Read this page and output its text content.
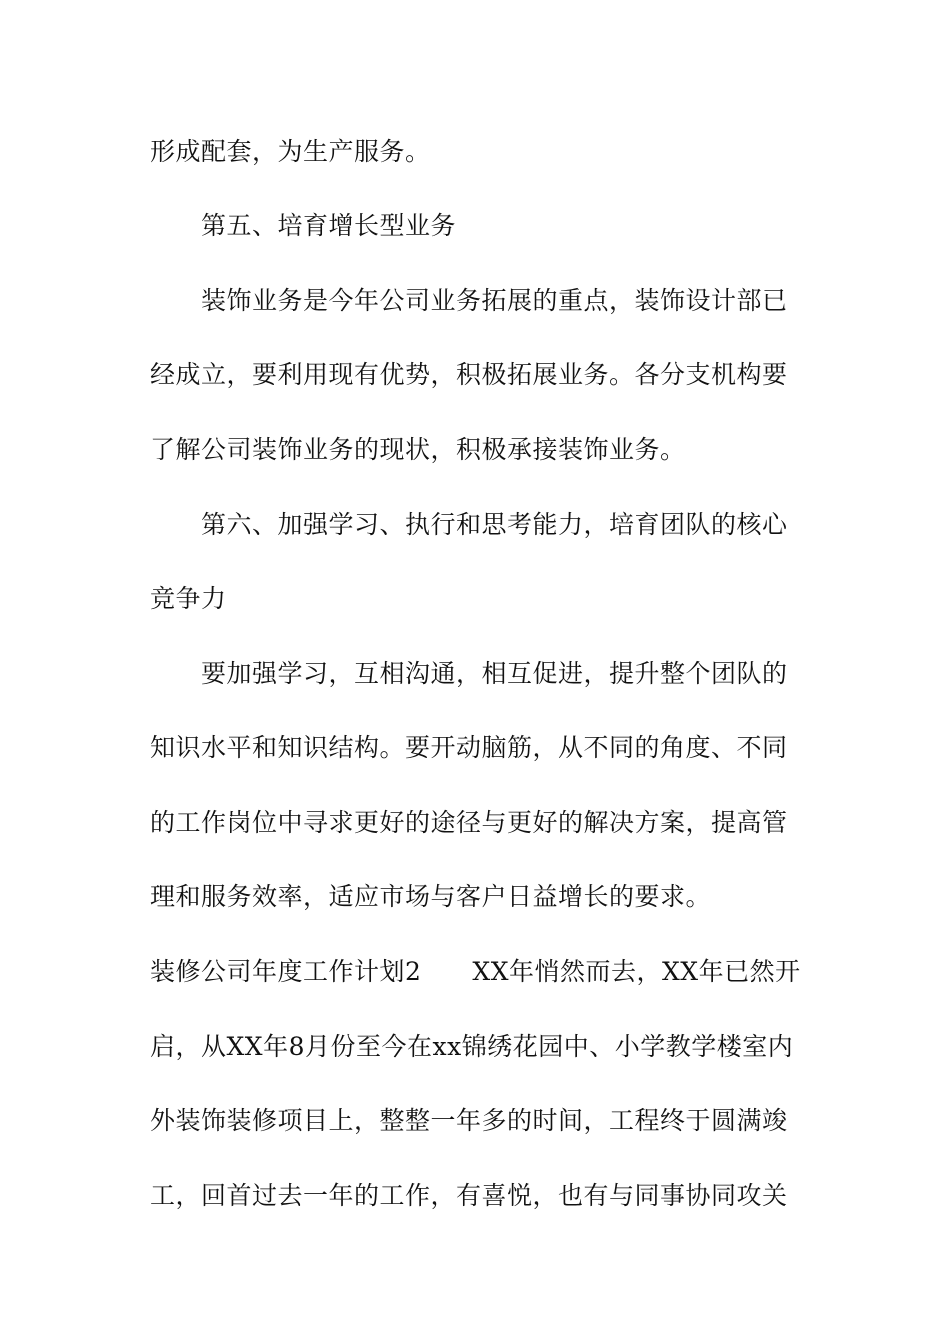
形成配套，为生产服务。
第五、培育增长型业务
装饰业务是今年公司业务拓展的重点，装饰设计部已
经成立，要利用现有优势，积极拓展业务。各分支机构要
了解公司装饰业务的现状，积极承接装饰业务。
第六、加强学习、执行和思考能力，培育团队的核心
竞争力
要加强学习，互相沟通，相互促进，提升整个团队的
知识水平和知识结构。要开动脑筋，从不同的角度、不同
的工作岗位中寻求更好的途径与更好的解决方案，提高管
理和服务效率，适应市场与客户日益增长的要求。
装修公司年度工作计划2　　XX年悄然而去，XX年已然开
启，从XX年8月份至今在xx锦绣花园中、小学教学楼室内
外装饰装修项目上，整整一年多的时间，工程终于圆满竣
工，回首过去一年的工作，有喜悦，也有与同事协同攻关
